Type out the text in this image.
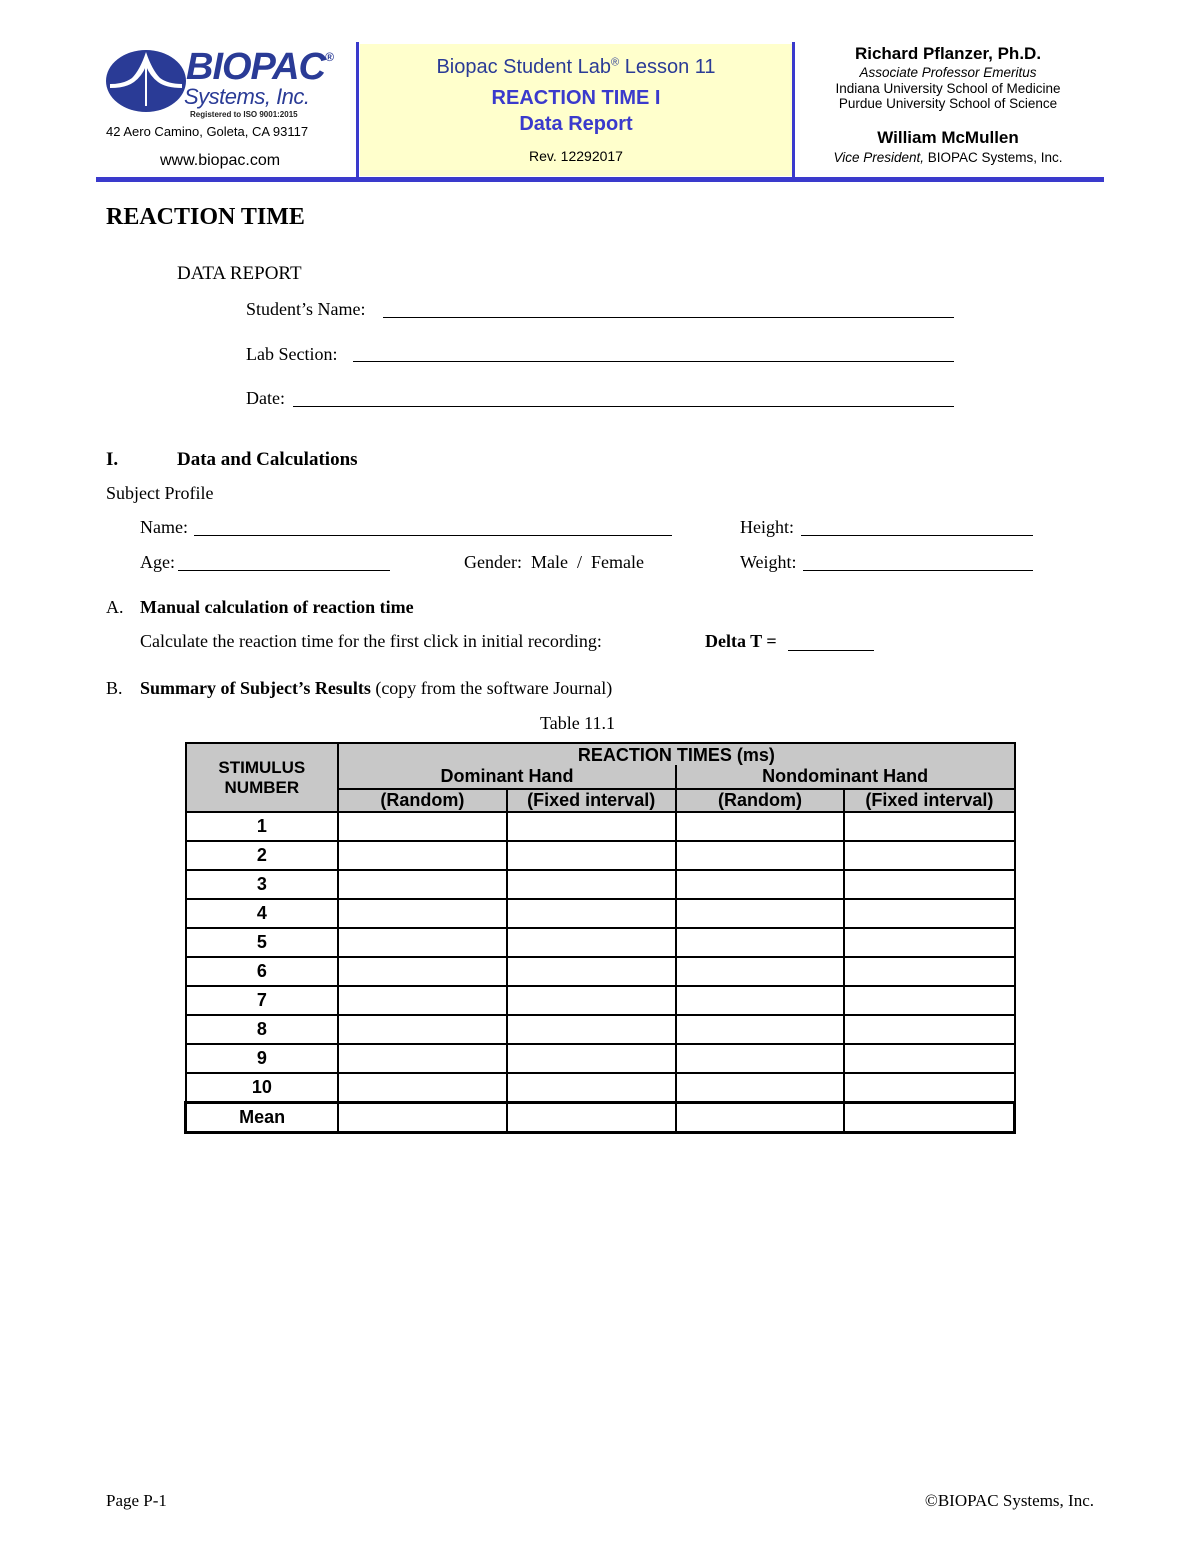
BIOPAC®
Systems, Inc.
Registered to ISO 9001:2015
42 Aero Camino, Goleta, CA 93117
www.biopac.com
Biopac Student Lab® Lesson 11
REACTION TIME I
Data Report
Rev. 12292017
Richard Pflanzer, Ph.D.
Associate Professor Emeritus
Indiana University School of Medicine
Purdue University School of Science
William McMullen
Vice President, BIOPAC Systems, Inc.
REACTION TIME
DATA REPORT
Student’s Name:
Lab Section:
Date:
I.	Data and Calculations
Subject Profile
Name:	Height:
Age:	Gender:  Male  /  Female	Weight:
A. Manual calculation of reaction time
Calculate the reaction time for the first click in initial recording:	Delta T =
B. Summary of Subject’s Results (copy from the software Journal)
Table 11.1
STIMULUS NUMBER	REACTION TIMES (ms)			
	Dominant Hand		Nondominant Hand	
	(Random)	(Fixed interval)	(Random)	(Fixed interval)
1				
2				
3				
4				
5				
6				
7				
8				
9				
10				
Mean				
Page P-1	©BIOPAC Systems, Inc.
